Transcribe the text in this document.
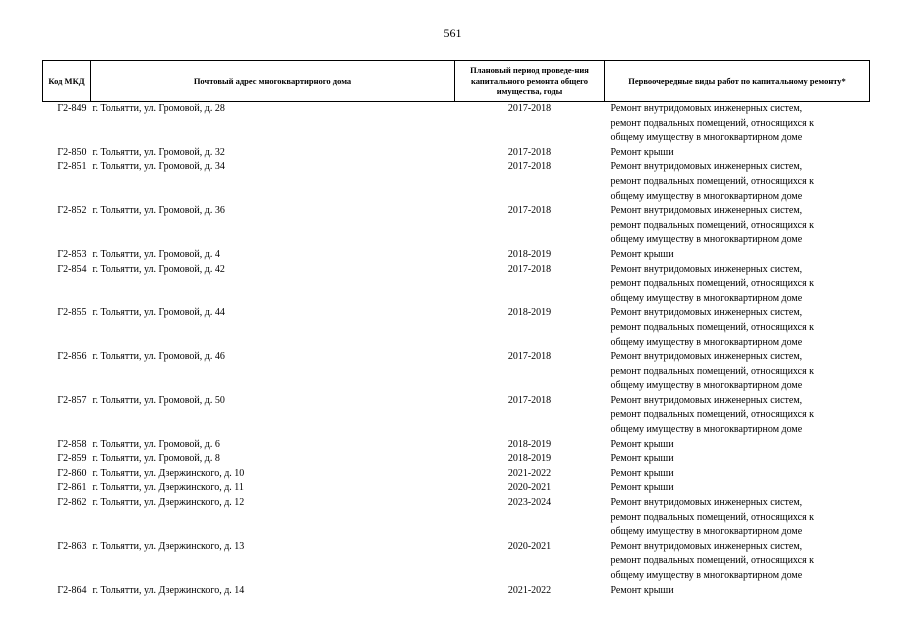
561
Код МКД	Почтовый адрес многоквартирного дома	Плановый период проведе-ния капитального ремонта общего имущества, годы	Первоочередные виды работ по капитальному ремонту*
Г2-849	г. Тольятти, ул. Громовой, д. 28	2017-2018	Ремонт внутридомовых инженерных систем,
ремонт подвальных помещений, относящихся к
общему имуществу в многоквартирном доме

Г2-850	г. Тольятти, ул. Громовой, д. 32	2017-2018	Ремонт крыши

Г2-851	г. Тольятти, ул. Громовой, д. 34	2017-2018	Ремонт внутридомовых инженерных систем,
ремонт подвальных помещений, относящихся к
общему имуществу в многоквартирном доме

Г2-852	г. Тольятти, ул. Громовой, д. 36	2017-2018	Ремонт внутридомовых инженерных систем,
ремонт подвальных помещений, относящихся к
общему имуществу в многоквартирном доме

Г2-853	г. Тольятти, ул. Громовой, д. 4	2018-2019	Ремонт крыши

Г2-854	г. Тольятти, ул. Громовой, д. 42	2017-2018	Ремонт внутридомовых инженерных систем,
ремонт подвальных помещений, относящихся к
общему имуществу в многоквартирном доме

Г2-855	г. Тольятти, ул. Громовой, д. 44	2018-2019	Ремонт внутридомовых инженерных систем,
ремонт подвальных помещений, относящихся к
общему имуществу в многоквартирном доме

Г2-856	г. Тольятти, ул. Громовой, д. 46	2017-2018	Ремонт внутридомовых инженерных систем,
ремонт подвальных помещений, относящихся к
общему имуществу в многоквартирном доме

Г2-857	г. Тольятти, ул. Громовой, д. 50	2017-2018	Ремонт внутридомовых инженерных систем,
ремонт подвальных помещений, относящихся к
общему имуществу в многоквартирном доме

Г2-858	г. Тольятти, ул. Громовой, д. 6	2018-2019	Ремонт крыши

Г2-859	г. Тольятти, ул. Громовой, д. 8	2018-2019	Ремонт крыши

Г2-860	г. Тольятти, ул. Дзержинского, д. 10	2021-2022	Ремонт крыши

Г2-861	г. Тольятти, ул. Дзержинского, д. 11	2020-2021	Ремонт крыши

Г2-862	г. Тольятти, ул. Дзержинского, д. 12	2023-2024	Ремонт внутридомовых инженерных систем,
ремонт подвальных помещений, относящихся к
общему имуществу в многоквартирном доме

Г2-863	г. Тольятти, ул. Дзержинского, д. 13	2020-2021	Ремонт внутридомовых инженерных систем,
ремонт подвальных помещений, относящихся к
общему имуществу в многоквартирном доме

Г2-864	г. Тольятти, ул. Дзержинского, д. 14	2021-2022	Ремонт крыши
